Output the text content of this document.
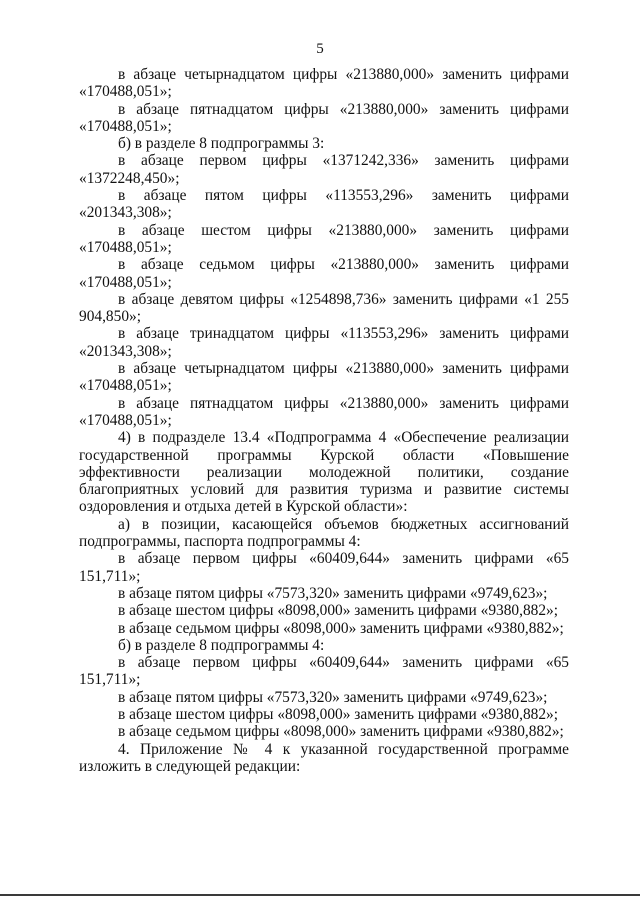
5

в абзаце четырнадцатом цифры «213880,000» заменить цифрами «170488,051»;

в абзаце пятнадцатом цифры «213880,000» заменить цифрами «170488,051»;

б) в разделе 8 подпрограммы 3:

в абзаце первом цифры «1371242,336» заменить цифрами «1372248,450»;

в абзаце пятом цифры «113553,296» заменить цифрами «201343,308»;

в абзаце шестом цифры «213880,000» заменить цифрами «170488,051»;

в абзаце седьмом цифры «213880,000» заменить цифрами «170488,051»;

в абзаце девятом цифры «1254898,736» заменить цифрами «1 255 904,850»;

в абзаце тринадцатом цифры «113553,296» заменить цифрами «201343,308»;

в абзаце четырнадцатом цифры «213880,000» заменить цифрами «170488,051»;

в абзаце пятнадцатом цифры «213880,000» заменить цифрами «170488,051»;

4) в подразделе 13.4 «Подпрограмма 4 «Обеспечение реализации государственной программы Курской области «Повышение эффективности реализации молодежной политики, создание благоприятных условий для развития туризма и развитие системы оздоровления и отдыха детей в Курской области»:

а) в позиции, касающейся объемов бюджетных ассигнований подпрограммы, паспорта подпрограммы 4:

в абзаце первом цифры «60409,644» заменить цифрами «65 151,711»;

в абзаце пятом цифры «7573,320» заменить цифрами «9749,623»;

в абзаце шестом цифры «8098,000» заменить цифрами «9380,882»;

в абзаце седьмом цифры «8098,000» заменить цифрами «9380,882»;

б) в разделе 8 подпрограммы 4:

в абзаце первом цифры «60409,644» заменить цифрами «65 151,711»;

в абзаце пятом цифры «7573,320» заменить цифрами «9749,623»;

в абзаце шестом цифры «8098,000» заменить цифрами «9380,882»;

в абзаце седьмом цифры «8098,000» заменить цифрами «9380,882»;

4. Приложение № 4 к указанной государственной программе изложить в следующей редакции:
